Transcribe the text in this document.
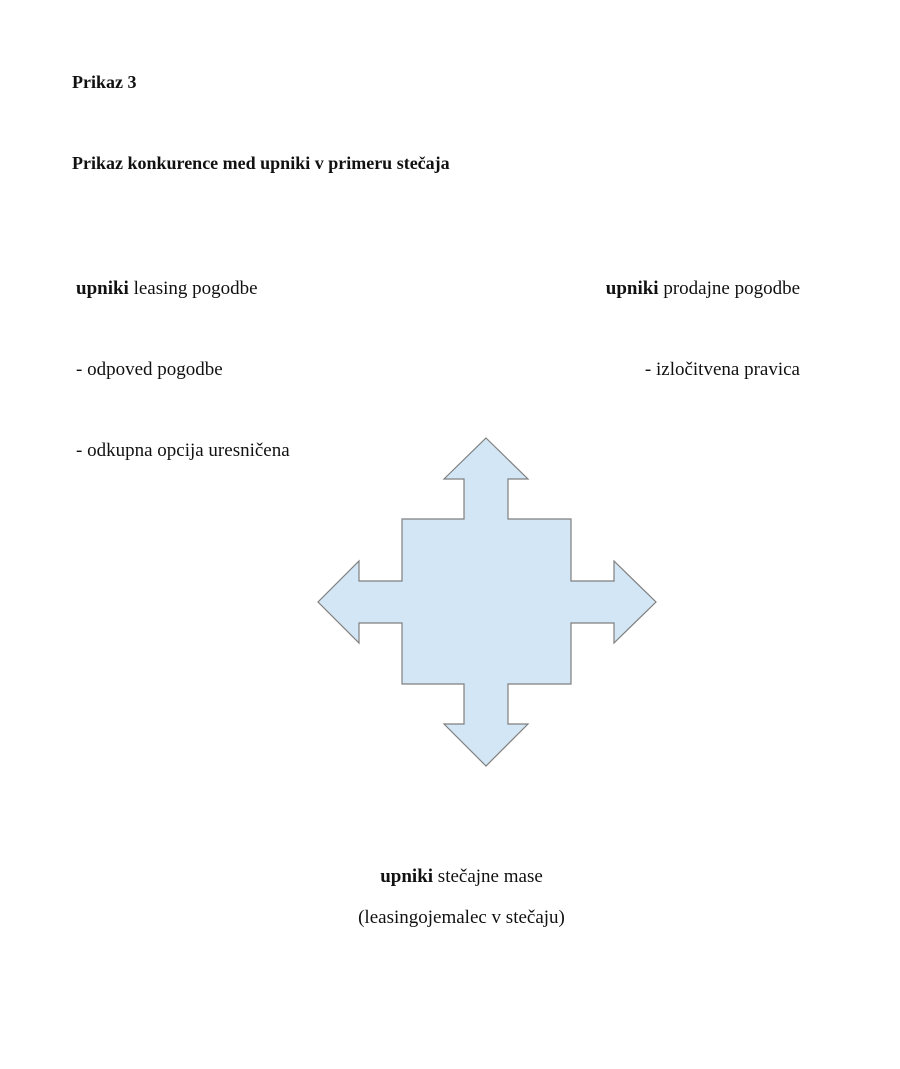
Prikaz 3
Prikaz konkurence med upniki v primeru stečaja
upniki leasing pogodbe
- odpoved pogodbe
- odkupna opcija uresničena
upniki prodajne pogodbe
- izločitvena pravica
upniki stečajne mase
(leasingojemalec v stečaju)
